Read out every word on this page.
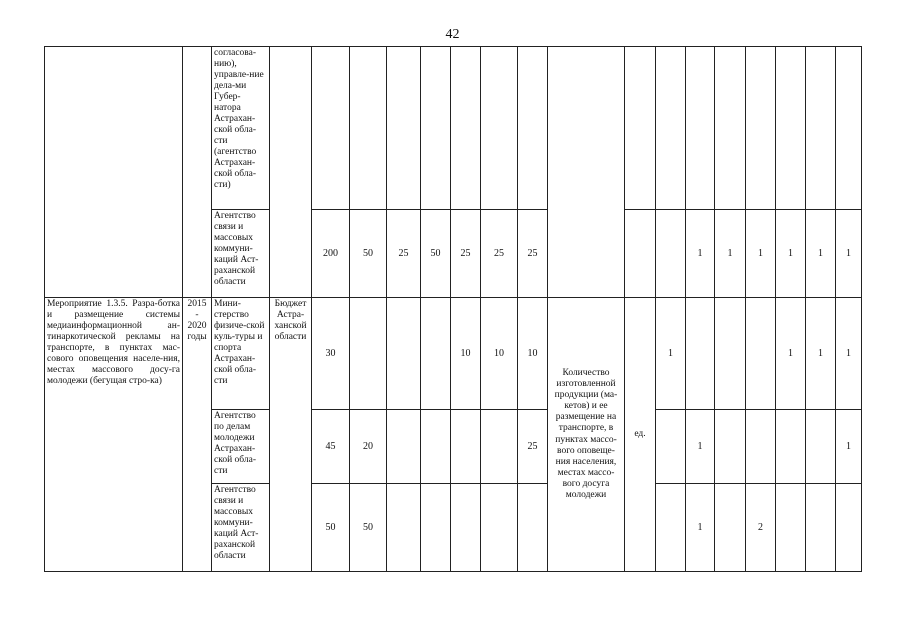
42
		согласова-нию), управле-ние дела-ми Губер-натора Астрахан-ской обла-сти (агентство Астрахан-ской обла-сти)																	
		Агентство связи и массовых коммуни-каций Аст-раханской области		200	50	25	50	25	25	25				1	1	1	1	1	1
Мероприятие 1.3.5. Разра-ботка и размещение системы медиаинформационной ан-тинаркотической рекламы на транспорте, в пунктах мас-сового оповещения населе-ния, местах массового досу-га молодежи (бегущая стро-ка)	2015 - 2020 годы	Мини-стерство физиче-ской куль-туры и спорта Астрахан-ской обла-сти	Бюджет Астра-ханской области	30				10	10	10	Количество изготовленной продукции (ма-кетов) и ее размещение на транспорте, в пунктах массо-вого оповеще-ния населения, местах массо-вого досуга молодежи	ед.	1				1	1	1
		Агентство по делам молодежи Астрахан-ской обла-сти		45	20					25				1					1
		Агентство связи и массовых коммуни-каций Аст-раханской области		50	50									1		2			
